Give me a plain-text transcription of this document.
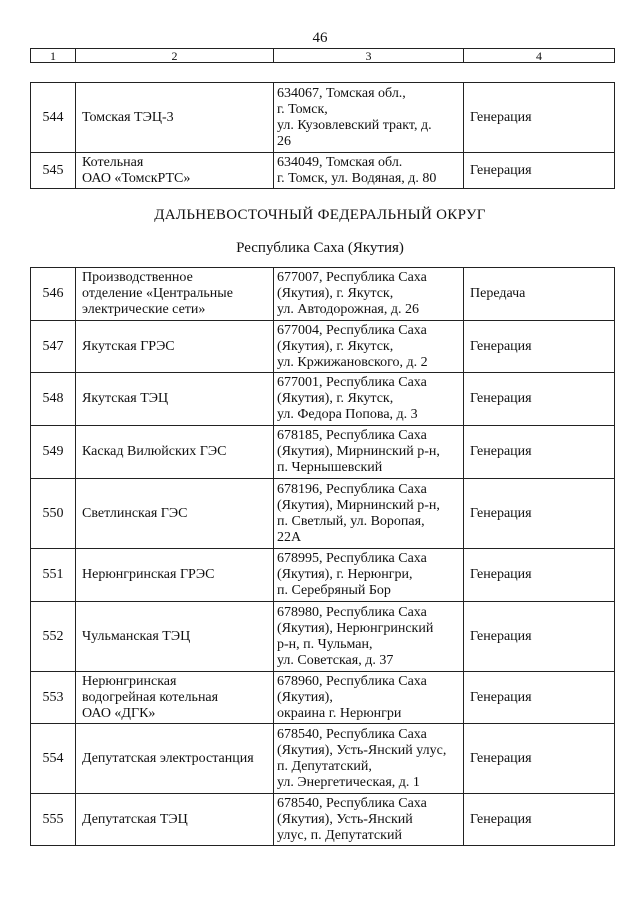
46
1	2	3	4
544	Томская ТЭЦ-3	634067, Томская обл.,
г. Томск,
ул. Кузовлевский тракт, д.
26	Генерация
545	Котельная
ОАО «ТомскРТС»	634049, Томская обл.
г. Томск, ул. Водяная, д. 80	Генерация
ДАЛЬНЕВОСТОЧНЫЙ ФЕДЕРАЛЬНЫЙ ОКРУГ
Республика Саха (Якутия)
546	Производственное
отделение «Центральные
электрические сети»	677007, Республика Саха
(Якутия), г. Якутск,
ул. Автодорожная, д. 26	Передача
547	Якутская ГРЭС	677004, Республика Саха
(Якутия), г. Якутск,
ул. Кржижановского, д. 2	Генерация
548	Якутская ТЭЦ	677001, Республика Саха
(Якутия), г. Якутск,
ул. Федора Попова, д. 3	Генерация
549	Каскад Вилюйских ГЭС	678185, Республика Саха
(Якутия), Мирнинский р-н,
п. Чернышевский	Генерация
550	Светлинская ГЭС	678196, Республика Саха
(Якутия), Мирнинский р-н,
п. Светлый, ул. Воропая,
22А	Генерация
551	Нерюнгринская ГРЭС	678995, Республика Саха
(Якутия), г. Нерюнгри,
п. Серебряный Бор	Генерация
552	Чульманская ТЭЦ	678980, Республика Саха
(Якутия), Нерюнгринский
р-н, п. Чульман,
ул. Советская, д. 37	Генерация
553	Нерюнгринская
водогрейная котельная
ОАО «ДГК»	678960, Республика Саха
(Якутия),
окраина г. Нерюнгри	Генерация
554	Депутатская электростанция	678540, Республика Саха
(Якутия), Усть-Янский улус,
п. Депутатский,
ул. Энергетическая, д. 1	Генерация
555	Депутатская ТЭЦ	678540, Республика Саха
(Якутия), Усть-Янский
улус, п. Депутатский	Генерация
